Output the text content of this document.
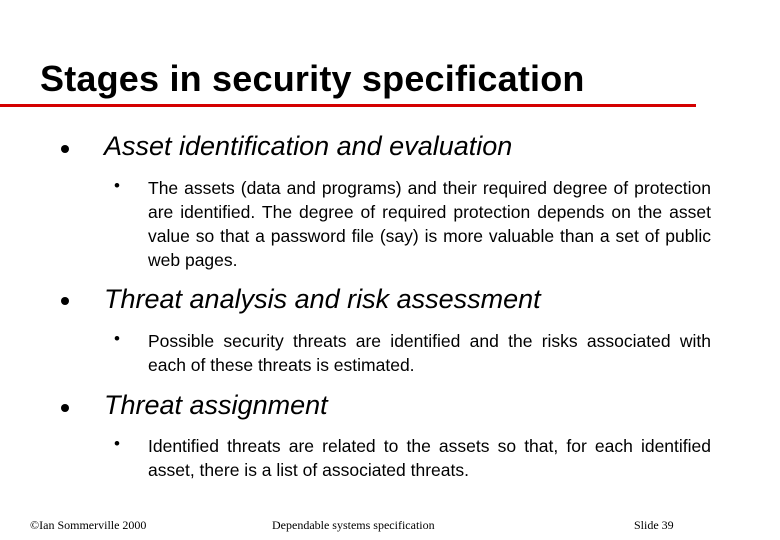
Stages in security specification
Asset identification and evaluation
• The assets (data and programs) and their required degree of protection are identified. The degree of required protection depends on the asset value so that a password file (say) is more valuable than a set of public web pages.
Threat analysis and risk assessment
• Possible security threats are identified and the risks associated with each of these threats is estimated.
Threat assignment
• Identified threats are related to the assets so that, for each identified asset, there is a list of associated threats.
©Ian Sommerville 2000	Dependable systems specification	Slide 39
